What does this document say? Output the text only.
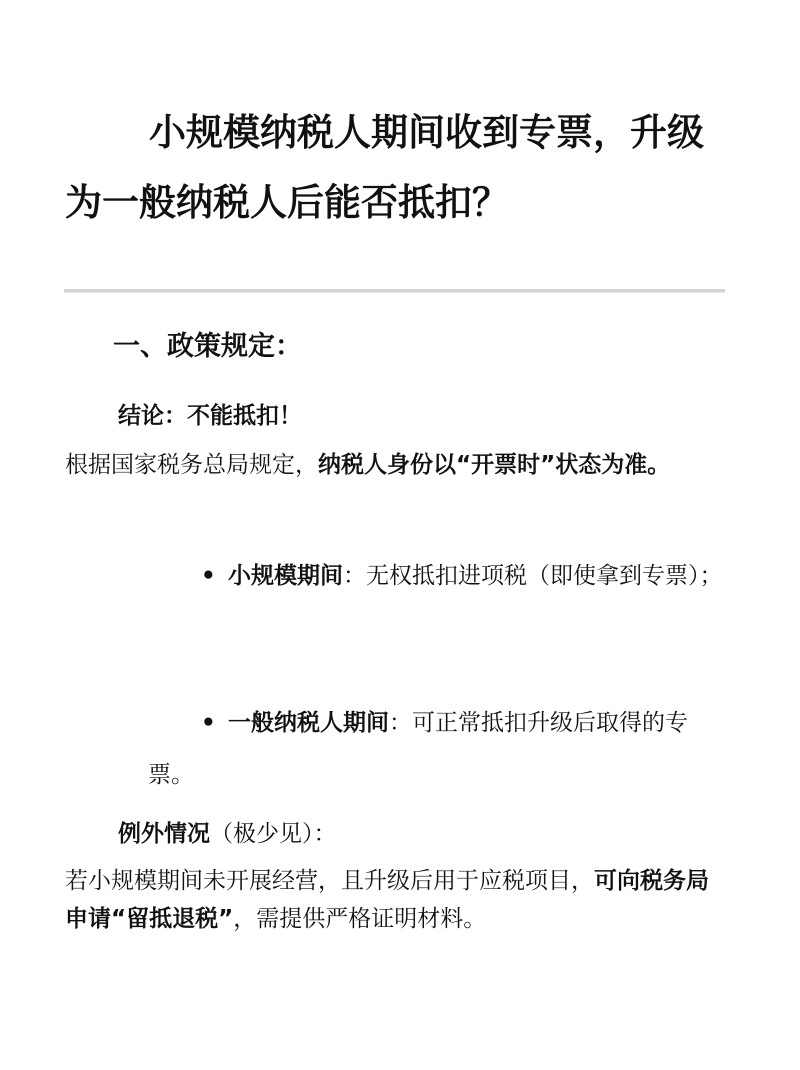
小规模纳税人期间收到专票，升级为一般纳税人后能否抵扣？
一、政策规定：

结论：不能抵扣！

根据国家税务总局规定，纳税人身份以“开票时”状态为准。

• 小规模期间：无权抵扣进项税（即使拿到专票）；
• 一般纳税人期间：可正常抵扣升级后取得的专票。

例外情况（极少见）：

若小规模期间未开展经营，且升级后用于应税项目，可向税务局申请“留抵退税”，需提供严格证明材料。
